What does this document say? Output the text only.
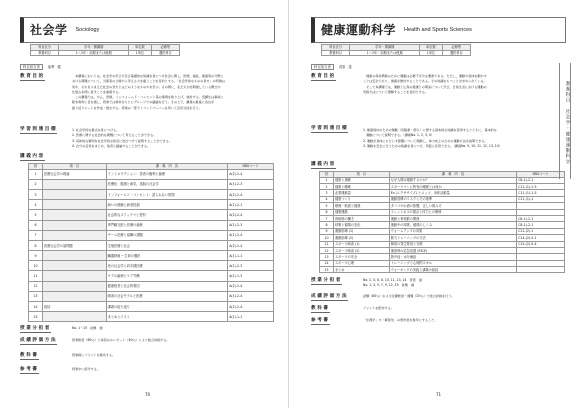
社会学 Sociology
科目区分	学年・開講期	単位数	必修等
教養科目	1～2年・前期または後期	1単位	選択科目
科目担当者	能勢　健
教育目的	　本講義においては，社会学の学び方及び基礎的な知識を身につけ社会に関し，医療，福祉，健康等の分野に

おける問題について，当事者の立場から考える力を養うことを目的とする。「社会学的なものの見方」の特徴は

何か，それをふまえた社会の見方とはどのようなものかを学ぶ。その際に，私たちが自明視している概念や

仕組みを問い直すことを重視する。

　この講義では，かん，医療，インフォームド・コンセント等の事例を取り上げ，検討する。受講生は事前に

配布資料に目を通し，授業では資料をもとにグループでの議論を行う。その上で，講義の最後に各自が

振り返りシートを作成・提出する。授業の一部でミニットペーパーを用いて意見交流を行う。

学習到達目標	1. 社会学的な視点を身につける。

2. 医療に関する社会的な問題について考えることができる。

3. 具体的な事例を社会学的な知見に結びつけて説明することができる。

4. 自分の意見をまとめ，他者と議論することができる。

講義内容
回	項　目	講　義　内　容	SBOコード
1	医療社会学の理論	イントロダクション：患者の権利と倫理	A(2)-2-4
2		医療化：健康と病気，逸脱の社会学	A(1)-2-3
3		インフォームド・コンセント：語られない質問	A(2)-2-4
4		病いの経験と病者役割	A(1)-2-1
5		社会的なスティグマと差別	A(2)-2-4
6		専門職支配と医療の倫理	A(1)-2-3
7		チーム医療と協働の課題	A(1)-2-4
8	医療社会学の諸問題	生殖医療と社会	A(2)-2-4
9		臓器移植 ─ 生命の選択	A(1)-1-1
10		死の社会学と終末期医療	A(1)-2-3
11		ケアの倫理とケア労働	A(1)-1-3
12		健康格差と社会的要因	A(2)-2-4
13		障害の社会モデルと医療	A(1)-2-4
14	総括	講義の振り返り	A(2)-2-4
15		まとめとテスト	A(1)-1-1
授業分担者	No. 1～15　能勢　健
成績評価方法	授業態度（60％）と毎回の小レポート（40％）により総合評価する。
教科書	授業時にプリントを配布する。
参考書	授業中に紹介する。
70
健康運動科学 Health and Sports Sciences
科目区分	学年・開講期	単位数	必修等
教養科目	1～2年・前期または後期	1単位	選択科目
科目担当者	菅原　滋
教育目的	　健康の保持増進のために運動は必要不可欠な要素である。ただし，運動や身体を動かす

ことは安全であり，健康を維持することである。その知識をもつことが求められている。

　そこで本講義では，運動と心身の健康との関係について学び，日常生活における運動の

実践方法について理解することを目的とする。

学習到達目標	1. 健康保持のための運動（有酸素・筋力）に関する基本的な知識を習得するとともに，基本的な

　運動について説明できる。（講義No. 1, 2, 3, 4）

2. 運動が身体にもたらす影響について理解し，体力向上のための運動方法を説明できる。

3. 運動を安全に行うための知識を身につけ，実践に応用できる。（講義No. 9, 10, 11, 12, 13, 14）

講義内容
回	項　目	講　義　内　容	SBOコード
1	健康と運動	なぜ人間は運動するのか？	C8-1)-2-1
2	健康と睡眠	スポーツマンに特有の睡眠とは何か	C11-(1)-1-5
3	必要運動量	Ex (エクササイズ) とメッツ，身体活動量	C11-(1)-1-5
4	健康づくり	運動習慣のリスクとその基準	C11-(1)-1
5	喫煙・飲酒と健康	タバコやお酒の影響，正しい飲み方	
6	健康運動	フィットネスの視点と体力との関係	
7	骨格筋の働き	運動と骨格筋の関係	C8-1)-2-1
8	呼吸と循環の変化	運動中の呼吸，循環のしくみ	C8-1)-2-1
9	運動指導 (1)	ウォームアップの効果	C11-(2)-1
10	運動指導 (2)	筋力トレーニングの方法	C14-(2)-5-1
11	スポーツ障害 (1)	障害の発生要因と対策	C14-(2)-5-4
12	スポーツ障害 (2)	傷害時の応急処置 (RICE)	
13	スポーツの安全	熱中症・水分補給	
14	スポーツ心理	トレーニングと心理的スキル	
15	まとめ	ウォーキングの実践と講義の総括	
授業分担者	No. 2, 4, 6, 8, 10, 11, 13, 14　菅原　滋
No. 1, 3, 5, 7, 9, 12, 15　能勢　健
成績評価方法	試験（80％）および受講態度・課題（20％）で総合評価を行う。
教科書	プリントを配布する。
参考書	「生理学」や「解剖学」の教科書を参考にすること。
71
教養科目　社会学・健康運動科学
